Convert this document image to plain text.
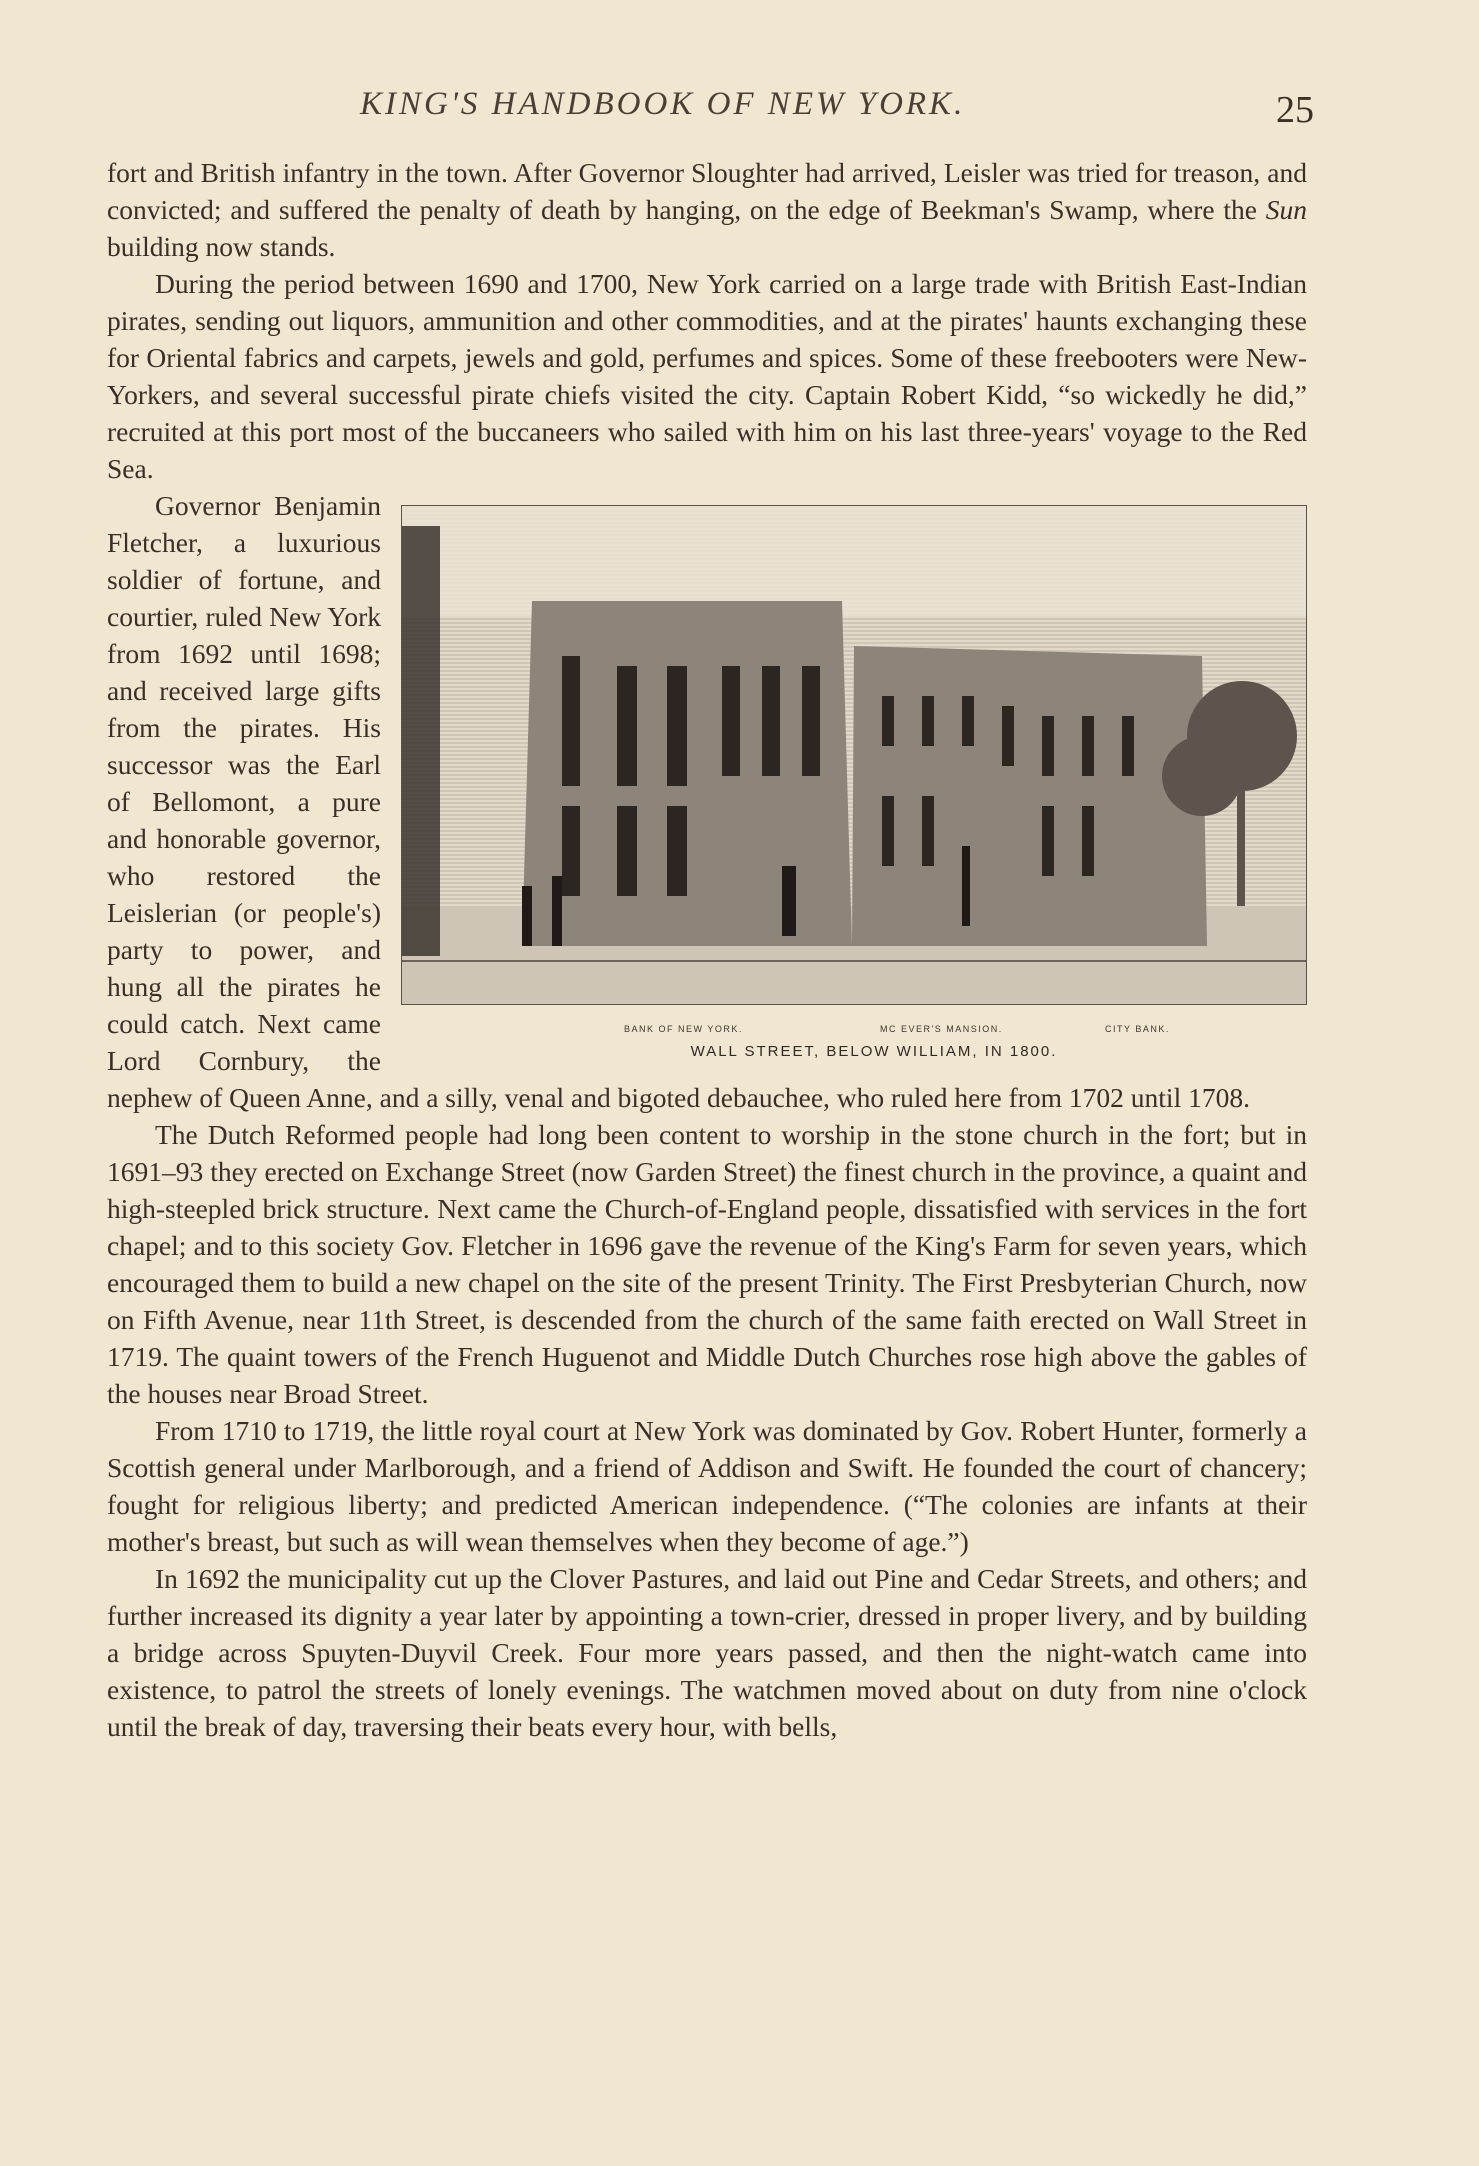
KING'S HANDBOOK OF NEW YORK.	25

fort and British infantry in the town. After Governor Sloughter had arrived, Leisler was tried for treason, and convicted; and suffered the penalty of death by hanging, on the edge of Beekman's Swamp, where the Sun building now stands.

During the period between 1690 and 1700, New York carried on a large trade with British East-Indian pirates, sending out liquors, ammunition and other commodities, and at the pirates' haunts exchanging these for Oriental fabrics and carpets, jewels and gold, perfumes and spices. Some of these freebooters were New-Yorkers, and several successful pirate chiefs visited the city. Captain Robert Kidd, “so wickedly he did,” recruited at this port most of the buccaneers who sailed with him on his last three-years' voyage to the Red Sea.

BANK OF NEW YORK.	MC EVER'S MANSION.	CITY BANK.
WALL STREET, BELOW WILLIAM, IN 1800.

Governor Benjamin Fletcher, a luxurious soldier of fortune, and courtier, ruled New York from 1692 until 1698; and received large gifts from the pirates. His successor was the Earl of Bellomont, a pure and honorable governor, who restored the Leislerian (or people's) party to power, and hung all the pirates he could catch. Next came Lord Cornbury, the nephew of Queen Anne, and a silly, venal and bigoted debauchee, who ruled here from 1702 until 1708.

The Dutch Reformed people had long been content to worship in the stone church in the fort; but in 1691–93 they erected on Exchange Street (now Garden Street) the finest church in the province, a quaint and high-steepled brick structure. Next came the Church-of-England people, dissatisfied with services in the fort chapel; and to this society Gov. Fletcher in 1696 gave the revenue of the King's Farm for seven years, which encouraged them to build a new chapel on the site of the present Trinity. The First Presbyterian Church, now on Fifth Avenue, near 11th Street, is descended from the church of the same faith erected on Wall Street in 1719. The quaint towers of the French Huguenot and Middle Dutch Churches rose high above the gables of the houses near Broad Street.

From 1710 to 1719, the little royal court at New York was dominated by Gov. Robert Hunter, formerly a Scottish general under Marlborough, and a friend of Addison and Swift. He founded the court of chancery; fought for religious liberty; and predicted American independence. (“The colonies are infants at their mother's breast, but such as will wean themselves when they become of age.”)

In 1692 the municipality cut up the Clover Pastures, and laid out Pine and Cedar Streets, and others; and further increased its dignity a year later by appointing a town-crier, dressed in proper livery, and by building a bridge across Spuyten-Duyvil Creek. Four more years passed, and then the night-watch came into existence, to patrol the streets of lonely evenings. The watchmen moved about on duty from nine o'clock until the break of day, traversing their beats every hour, with bells,
